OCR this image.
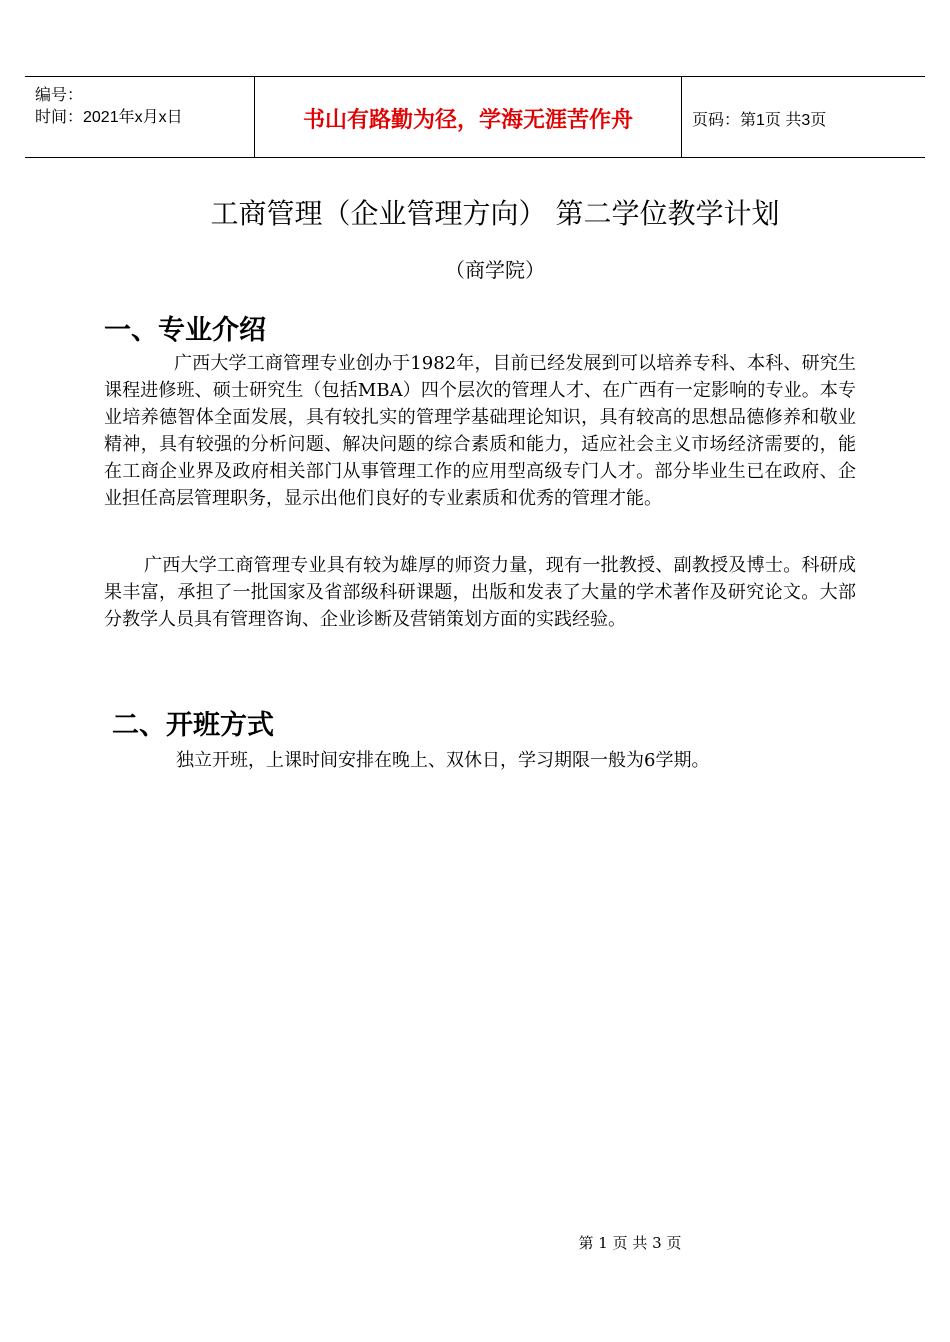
编号：
时间：2021年x月x日	书山有路勤为径，学海无涯苦作舟	页码：第1页 共3页
工商管理（企业管理方向） 第二学位教学计划
（商学院）
一、专业介绍
广西大学工商管理专业创办于1982年，目前已经发展到可以培养专科、本科、研究生课程进修班、硕士研究生（包括MBA）四个层次的管理人才、在广西有一定影响的专业。本专业培养德智体全面发展，具有较扎实的管理学基础理论知识，具有较高的思想品德修养和敬业精神，具有较强的分析问题、解决问题的综合素质和能力，适应社会主义市场经济需要的，能在工商企业界及政府相关部门从事管理工作的应用型高级专门人才。部分毕业生已在政府、企业担任高层管理职务，显示出他们良好的专业素质和优秀的管理才能。
广西大学工商管理专业具有较为雄厚的师资力量，现有一批教授、副教授及博士。科研成果丰富，承担了一批国家及省部级科研课题，出版和发表了大量的学术著作及研究论文。大部分教学人员具有管理咨询、企业诊断及营销策划方面的实践经验。
二、开班方式
独立开班，上课时间安排在晚上、双休日，学习期限一般为6学期。
第 1 页 共 3 页
